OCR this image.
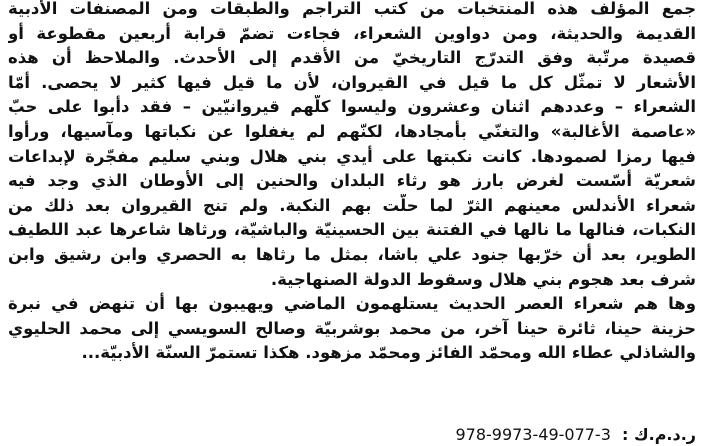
جمع المؤلف هذه المنتخبات من كتب التراجم والطبقات ومن المصنفات الأدبية
القديمة والحديثة، ومن دواوين الشعراء، فجاءت تضمّ قرابة أربعين مقطوعة أو
قصيدة مرتّبة وفق التدرّج التاريخيّ من الأقدم إلى الأحدث. والملاحظ أن هذه
الأشعار لا تمثّل كل ما قيل في القيروان، لأن ما قيل فيها كثير لا يحصى. أمّا
الشعراء – وعددهم اثنان وعشرون وليسوا كلّهم قيروانيّين – فقد دأبوا على حبّ
«عاصمة الأغالبة» والتغنّي بأمجادها، لكنّهم لم يغفلوا عن نكباتها ومآسيها، ورأوا
فيها رمزا لصمودها. كانت نكبتها على أيدي بني هلال وبني سليم مفجّرة لإبداعات
شعريّة أسّست لغرض بارز هو رثاء البلدان والحنين إلى الأوطان الذي وجد فيه
شعراء الأندلس معينهم الثرّ لما حلّت بهم النكبة. ولم تنج القيروان بعد ذلك من
النكبات، فنالها ما نالها في الفتنة بين الحسينيّة والباشيّة، ورثاها شاعرها عبد اللطيف
الطوير، بعد أن خرّبها جنود علي باشا، بمثل ما رثاها به الحصري وابن رشيق وابن
شرف بعد هجوم بني هلال وسقوط الدولة الصنهاجية.
وها هم شعراء العصر الحديث يستلهمون الماضي ويهيبون بها أن تنهض في نبرة
حزينة حينا، ثائرة حينا آخر، من محمد بوشربيّة وصالح السويسي إلى محمد الحليوي
والشاذلي عطاء الله ومحمّد الفائز ومحمّد مزهود. هكذا تستمرّ السنّة الأدبيّة...
ر.د.م.ك : 978-9973-49-077-3
